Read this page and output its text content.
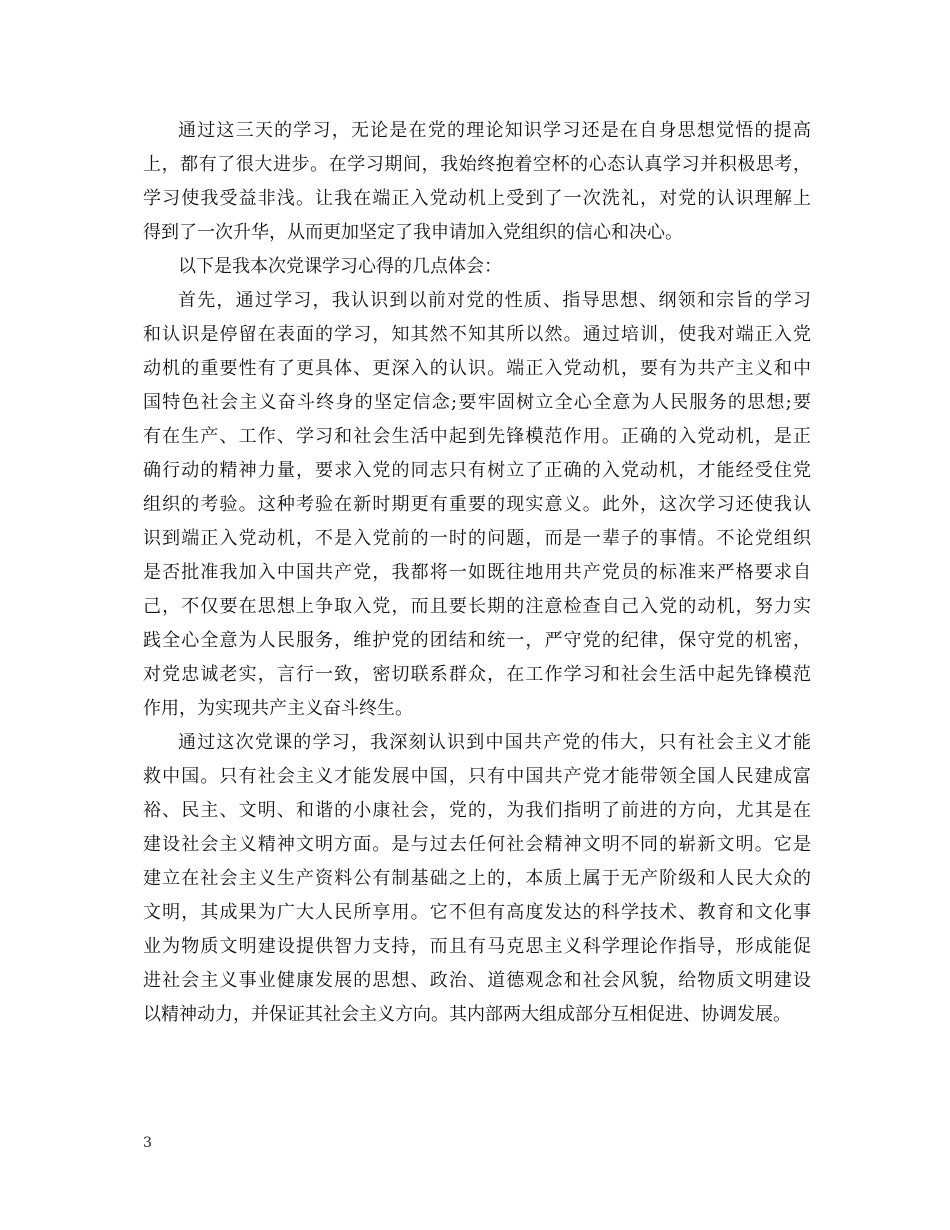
通过这三天的学习，无论是在党的理论知识学习还是在自身思想觉悟的提高
上，都有了很大进步。在学习期间，我始终抱着空杯的心态认真学习并积极思考，
学习使我受益非浅。让我在端正入党动机上受到了一次洗礼，对党的认识理解上
得到了一次升华，从而更加坚定了我申请加入党组织的信心和决心。
以下是我本次党课学习心得的几点体会：
首先，通过学习，我认识到以前对党的性质、指导思想、纲领和宗旨的学习
和认识是停留在表面的学习，知其然不知其所以然。通过培训，使我对端正入党
动机的重要性有了更具体、更深入的认识。端正入党动机，要有为共产主义和中
国特色社会主义奋斗终身的坚定信念;要牢固树立全心全意为人民服务的思想;要
有在生产、工作、学习和社会生活中起到先锋模范作用。正确的入党动机，是正
确行动的精神力量，要求入党的同志只有树立了正确的入党动机，才能经受住党
组织的考验。这种考验在新时期更有重要的现实意义。此外，这次学习还使我认
识到端正入党动机，不是入党前的一时的问题，而是一辈子的事情。不论党组织
是否批准我加入中国共产党，我都将一如既往地用共产党员的标准来严格要求自
己，不仅要在思想上争取入党，而且要长期的注意检查自己入党的动机，努力实
践全心全意为人民服务，维护党的团结和统一，严守党的纪律，保守党的机密，
对党忠诚老实，言行一致，密切联系群众，在工作学习和社会生活中起先锋模范
作用，为实现共产主义奋斗终生。
通过这次党课的学习，我深刻认识到中国共产党的伟大，只有社会主义才能
救中国。只有社会主义才能发展中国，只有中国共产党才能带领全国人民建成富
裕、民主、文明、和谐的小康社会，党的，为我们指明了前进的方向，尤其是在
建设社会主义精神文明方面。是与过去任何社会精神文明不同的崭新文明。它是
建立在社会主义生产资料公有制基础之上的，本质上属于无产阶级和人民大众的
文明，其成果为广大人民所享用。它不但有高度发达的科学技术、教育和文化事
业为物质文明建设提供智力支持，而且有马克思主义科学理论作指导，形成能促
进社会主义事业健康发展的思想、政治、道德观念和社会风貌，给物质文明建设
以精神动力，并保证其社会主义方向。其内部两大组成部分互相促进、协调发展。
3
